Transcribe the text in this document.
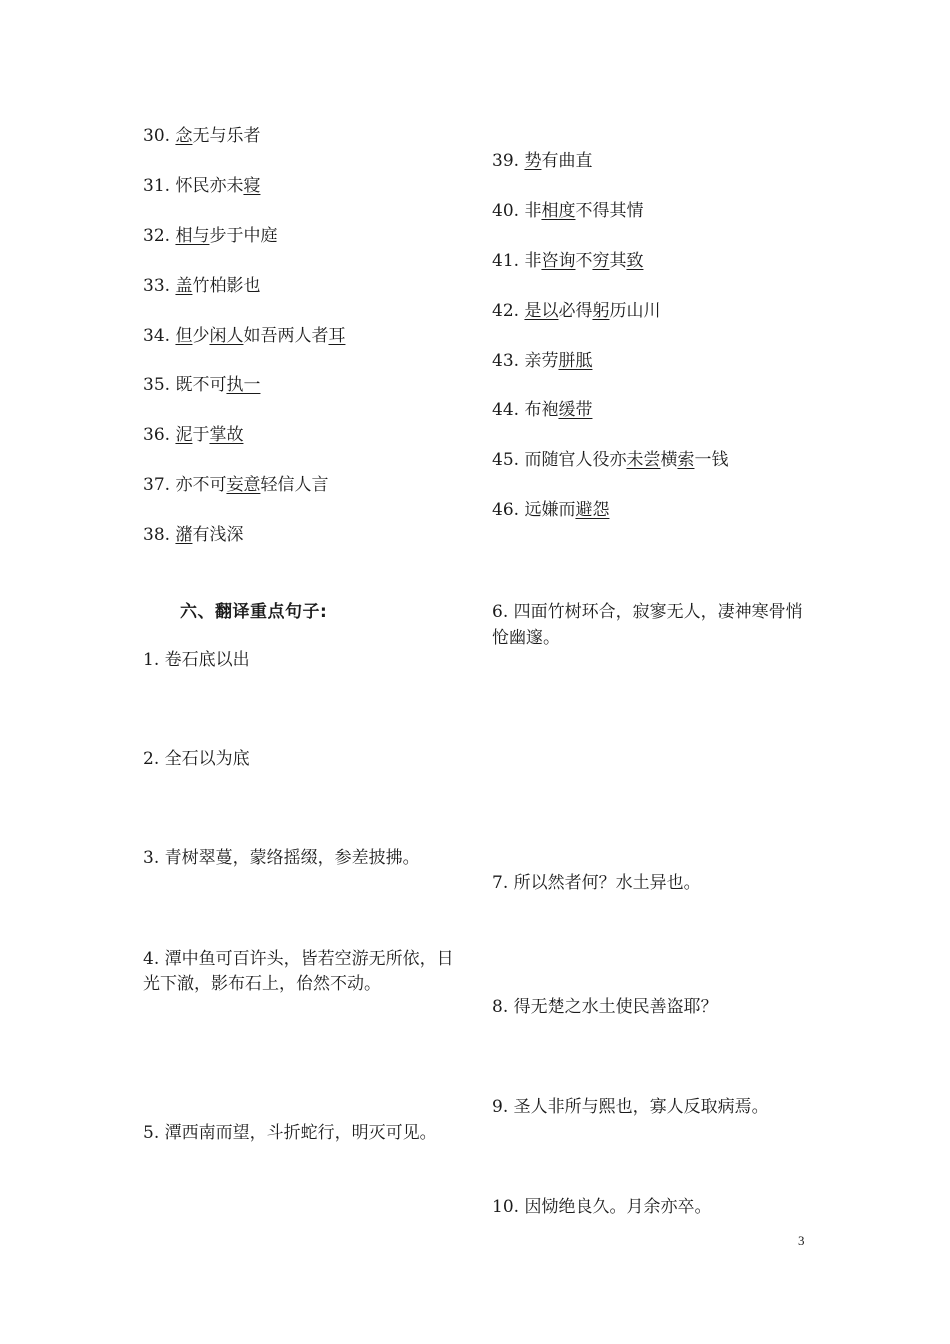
30. 念无与乐者
31. 怀民亦未寝
32. 相与步于中庭
33. 盖竹柏影也
34. 但少闲人如吾两人者耳
35. 既不可执一
36. 泥于掌故
37. 亦不可妄意轻信人言
38. 潴有浅深
39. 势有曲直
40. 非相度不得其情
41. 非咨询不穷其致
42. 是以必得躬历山川
43. 亲劳胼胝
44. 布袍缓带
45. 而随官人役亦未尝横索一钱
46. 远嫌而避怨
六、翻译重点句子:
1. 卷石底以出
2. 全石以为底
3. 青树翠蔓，蒙络摇缀，参差披拂。
4. 潭中鱼可百许头，皆若空游无所依，日光下澈，影布石上，佁然不动。
5. 潭西南而望，斗折蛇行，明灭可见。
6. 四面竹树环合，寂寥无人，凄神寒骨悄怆幽邃。
7. 所以然者何？水土异也。
8. 得无楚之水土使民善盗耶？
9. 圣人非所与熙也，寡人反取病焉。
10. 因恸绝良久。月余亦卒。
3
